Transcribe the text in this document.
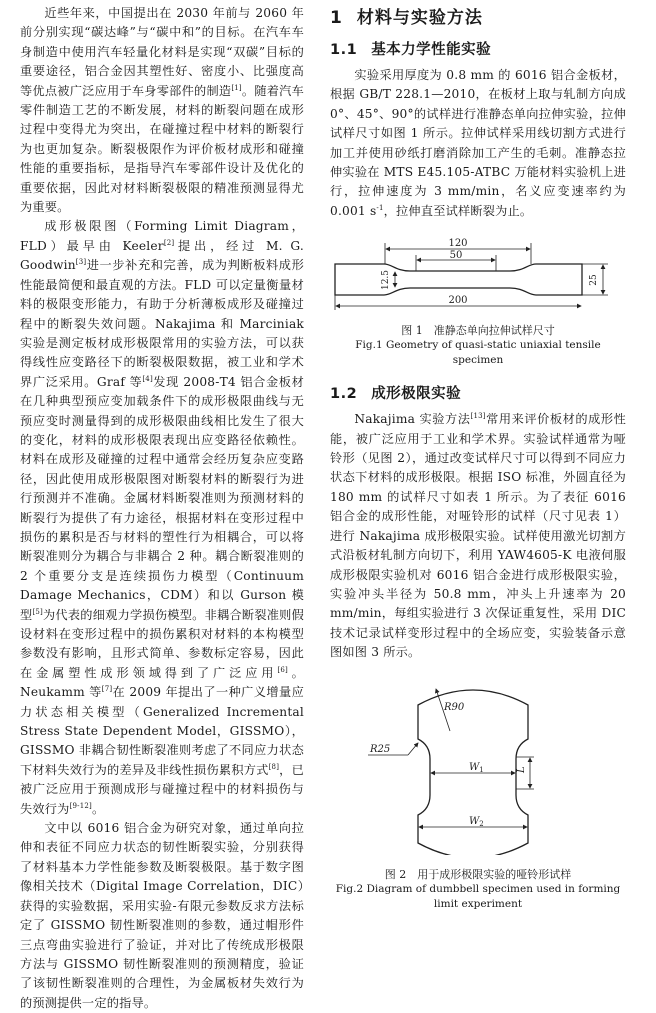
近些年来，中国提出在 2030 年前与 2060 年前分别实现“碳达峰”与“碳中和”的目标。在汽车车身制造中使用汽车轻量化材料是实现“双碳”目标的重要途径，铝合金因其塑性好、密度小、比强度高等优点被广泛应用于车身零部件的制造[1]。随着汽车零件制造工艺的不断发展，材料的断裂问题在成形过程中变得尤为突出，在碰撞过程中材料的断裂行为也更加复杂。断裂极限作为评价板材成形和碰撞性能的重要指标，是指导汽车零部件设计及优化的重要依据，因此对材料断裂极限的精准预测显得尤为重要。

成形极限图（Forming Limit Diagram，FLD）最早由 Keeler[2]提出，经过 M. G. Goodwin[3]进一步补充和完善，成为判断板料成形性能最简便和最直观的方法。FLD 可以定量衡量材料的极限变形能力，有助于分析薄板成形及碰撞过程中的断裂失效问题。Nakajima 和 Marciniak 实验是测定板材成形极限常用的实验方法，可以获得线性应变路径下的断裂极限数据，被工业和学术界广泛采用。Graf 等[4]发现 2008-T4 铝合金板材在几种典型预应变加载条件下的成形极限曲线与无预应变时测量得到的成形极限曲线相比发生了很大的变化，材料的成形极限表现出应变路径依赖性。材料在成形及碰撞的过程中通常会经历复杂应变路径，因此使用成形极限图对断裂材料的断裂行为进行预测并不准确。金属材料断裂准则为预测材料的断裂行为提供了有力途径，根据材料在变形过程中损伤的累积是否与材料的塑性行为相耦合，可以将断裂准则分为耦合与非耦合 2 种。耦合断裂准则的 2 个重要分支是连续损伤力模型（Continuum Damage Mechanics，CDM）和以 Gurson 模型[5]为代表的细观力学损伤模型。非耦合断裂准则假设材料在变形过程中的损伤累积对材料的本构模型参数没有影响，且形式简单、参数标定容易，因此在金属塑性成形领域得到了广泛应用[6]。Neukamm 等[7]在 2009 年提出了一种广义增量应力状态相关模型（Generalized Incremental Stress State Dependent Model，GISSMO），GISSMO 非耦合韧性断裂准则考虑了不同应力状态下材料失效行为的差异及非线性损伤累积方式[8]，已被广泛应用于预测成形与碰撞过程中的材料损伤与失效行为[9-12]。

文中以 6016 铝合金为研究对象，通过单向拉伸和表征不同应力状态的韧性断裂实验，分别获得了材料基本力学性能参数及断裂极限。基于数字图像相关技术（Digital Image Correlation，DIC）获得的实验数据，采用实验-有限元参数反求方法标定了 GISSMO 韧性断裂准则的参数，通过帽形件三点弯曲实验进行了验证，并对比了传统成形极限方法与 GISSMO 韧性断裂准则的预测精度，验证了该韧性断裂准则的合理性，为金属板材失效行为的预测提供一定的指导。

1 材料与实验方法
1.1 基本力学性能实验

实验采用厚度为 0.8 mm 的 6016 铝合金板材，根据 GB/T 228.1—2010，在板材上取与轧制方向成 0°、45°、90°的试样进行准静态单向拉伸实验，拉伸试样尺寸如图 1 所示。拉伸试样采用线切割方式进行加工并使用砂纸打磨消除加工产生的毛刺。准静态拉伸实验在 MTS E45.105-ATBC 万能材料实验机上进行，拉伸速度为 3 mm/min，名义应变速率约为 0.001 $s^{-1}$，拉伸直至试样断裂为止。

120
50
12.5	25
200

图 1　准静态单向拉伸试样尺寸

Fig.1 Geometry of quasi-static uniaxial tensile specimen

1.2 成形极限实验

Nakajima 实验方法[13]常用来评价板材的成形性能，被广泛应用于工业和学术界。实验试样通常为哑铃形（见图 2），通过改变试样尺寸可以得到不同应力状态下材料的成形极限。根据 ISO 标准，外圆直径为 180 mm 的试样尺寸如表 1 所示。为了表征 6016 铝合金的成形性能，对哑铃形的试样（尺寸见表 1）进行 Nakajima 成形极限实验。试样使用激光切割方式沿板材轧制方向切下，利用 YAW4605-K 电液伺服成形极限实验机对 6016 铝合金进行成形极限实验，实验冲头半径为 50.8 mm，冲头上升速率为 20 mm/min，每组实验进行 3 次保证重复性，采用 DIC 技术记录试样变形过程中的全场应变，实验装备示意图如图 3 所示。

R90
R25
$W_1$	L
$W_2$

图 2　用于成形极限实验的哑铃形试样

Fig.2 Diagram of dumbbell specimen used in forming

limit experiment
